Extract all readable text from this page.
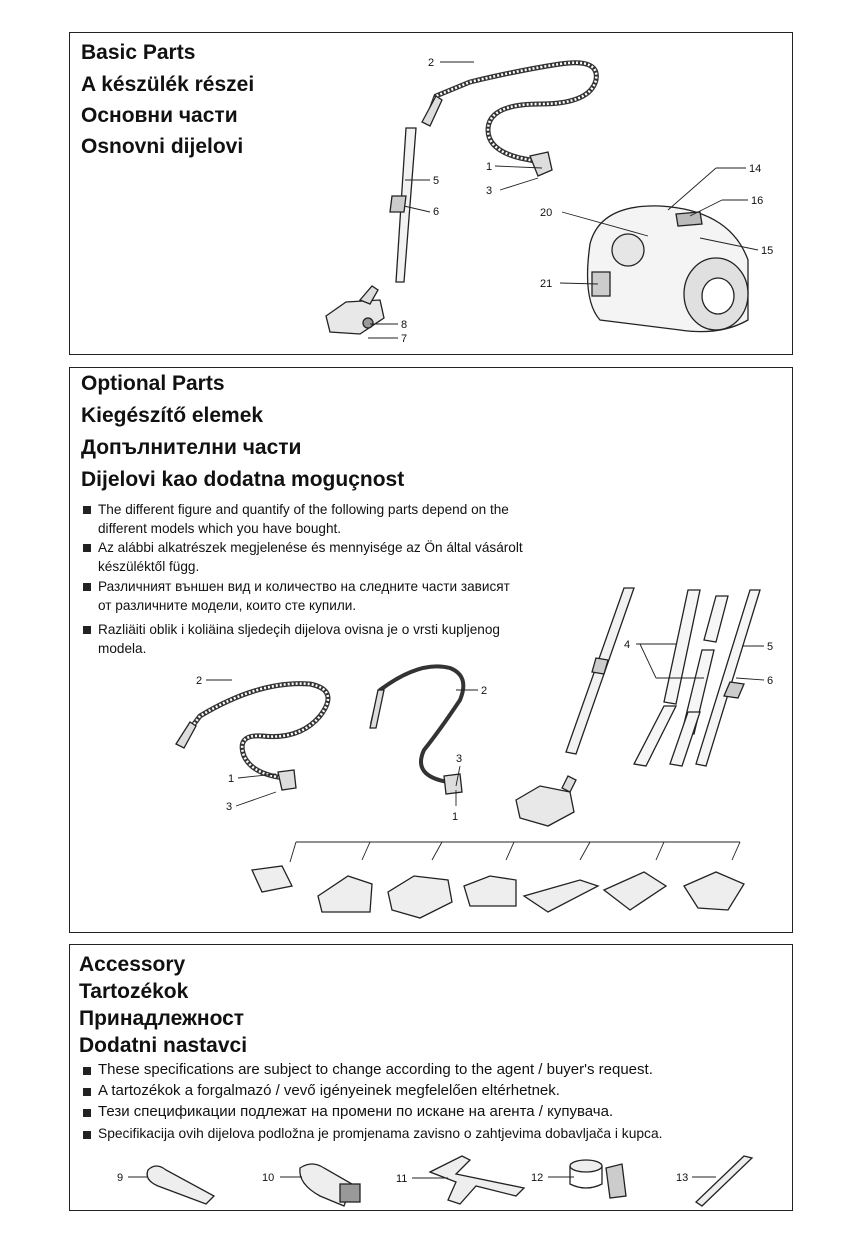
Basic Parts
A készülék részei
Основни части
Osnovni dijelovi
2
1
3
5
6
8
7
14
16
20
15
21
Optional Parts
Kiegészítő elemek
Допълнителни части
Dijelovi kao dodatna moguçnost
The different figure and quantify of the following parts depend on the
different models which you have bought.
Az alábbi alkatrészek megjelenése és mennyisége az Ön által vásárolt
készüléktől függ.
Различният външен вид и количество на следните части зависят
от различните модели, които сте купили.
Razliäiti oblik i koliäina sljedeçih dijelova ovisna je o vrsti kupljenog
modela.
2
1
3
2
3
1
4	5
6
Accessory
Tartozékok
Принадлежност
Dodatni nastavci
These specifications are subject to change according to the agent / buyer's request.
A tartozékok a forgalmazó / vevő igényeinek megfelelően eltérhetnek.
Тези спецификации подлежат на промени по искане на агента / купувача.
Specifikacija ovih dijelova podložna je promjenama zavisno o zahtjevima dobavljača i kupca.
9	10	11	12	13
